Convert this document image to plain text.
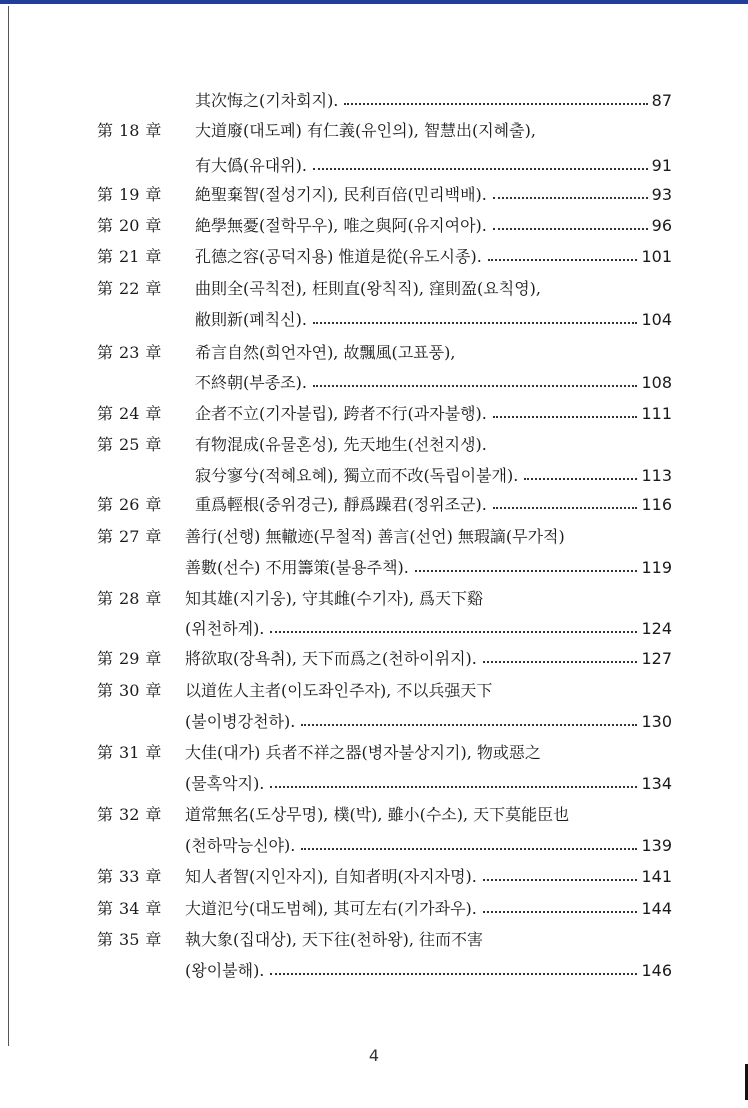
其次悔之(기차회지).	87
第 18 章	大道廢(대도폐) 有仁義(유인의), 智慧出(지혜출),
有大僞(유대위).	91
第 19 章	絶聖棄智(절성기지), 民利百倍(민리백배).	93
第 20 章	絶學無憂(절학무우), 唯之與阿(유지여아).	96
第 21 章	孔德之容(공덕지용) 惟道是從(유도시종).	101
第 22 章	曲則全(곡칙전), 枉則直(왕칙직), 窪則盈(요칙영),
敝則新(폐칙신).	104
第 23 章	希言自然(희언자연), 故飄風(고표풍),
不終朝(부종조).	108
第 24 章	企者不立(기자불립), 跨者不行(과자불행).	111
第 25 章	有物混成(유물혼성), 先天地生(선천지생).
寂兮寥兮(적혜요혜), 獨立而不改(독립이불개).	113
第 26 章	重爲輕根(중위경근), 靜爲躁君(정위조군).	116
第 27 章	善行(선행) 無轍迹(무철적) 善言(선언) 無瑕謫(무가적)
善數(선수) 不用籌策(불용주책).	119
第 28 章	知其雄(지기웅), 守其雌(수기자), 爲天下谿
(위천하계).	124
第 29 章	將欲取(장욕취), 天下而爲之(천하이위지).	127
第 30 章	以道佐人主者(이도좌인주자), 不以兵强天下
(불이병강천하).	130
第 31 章	大佳(대가) 兵者不祥之器(병자불상지기), 物或惡之
(물혹악지).	134
第 32 章	道常無名(도상무명), 樸(박), 雖小(수소), 天下莫能臣也
(천하막능신야).	139
第 33 章	知人者智(지인자지), 自知者明(자지자명).	141
第 34 章	大道氾兮(대도범혜), 其可左右(기가좌우).	144
第 35 章	執大象(집대상), 天下往(천하왕), 往而不害
(왕이불해).	146
4
